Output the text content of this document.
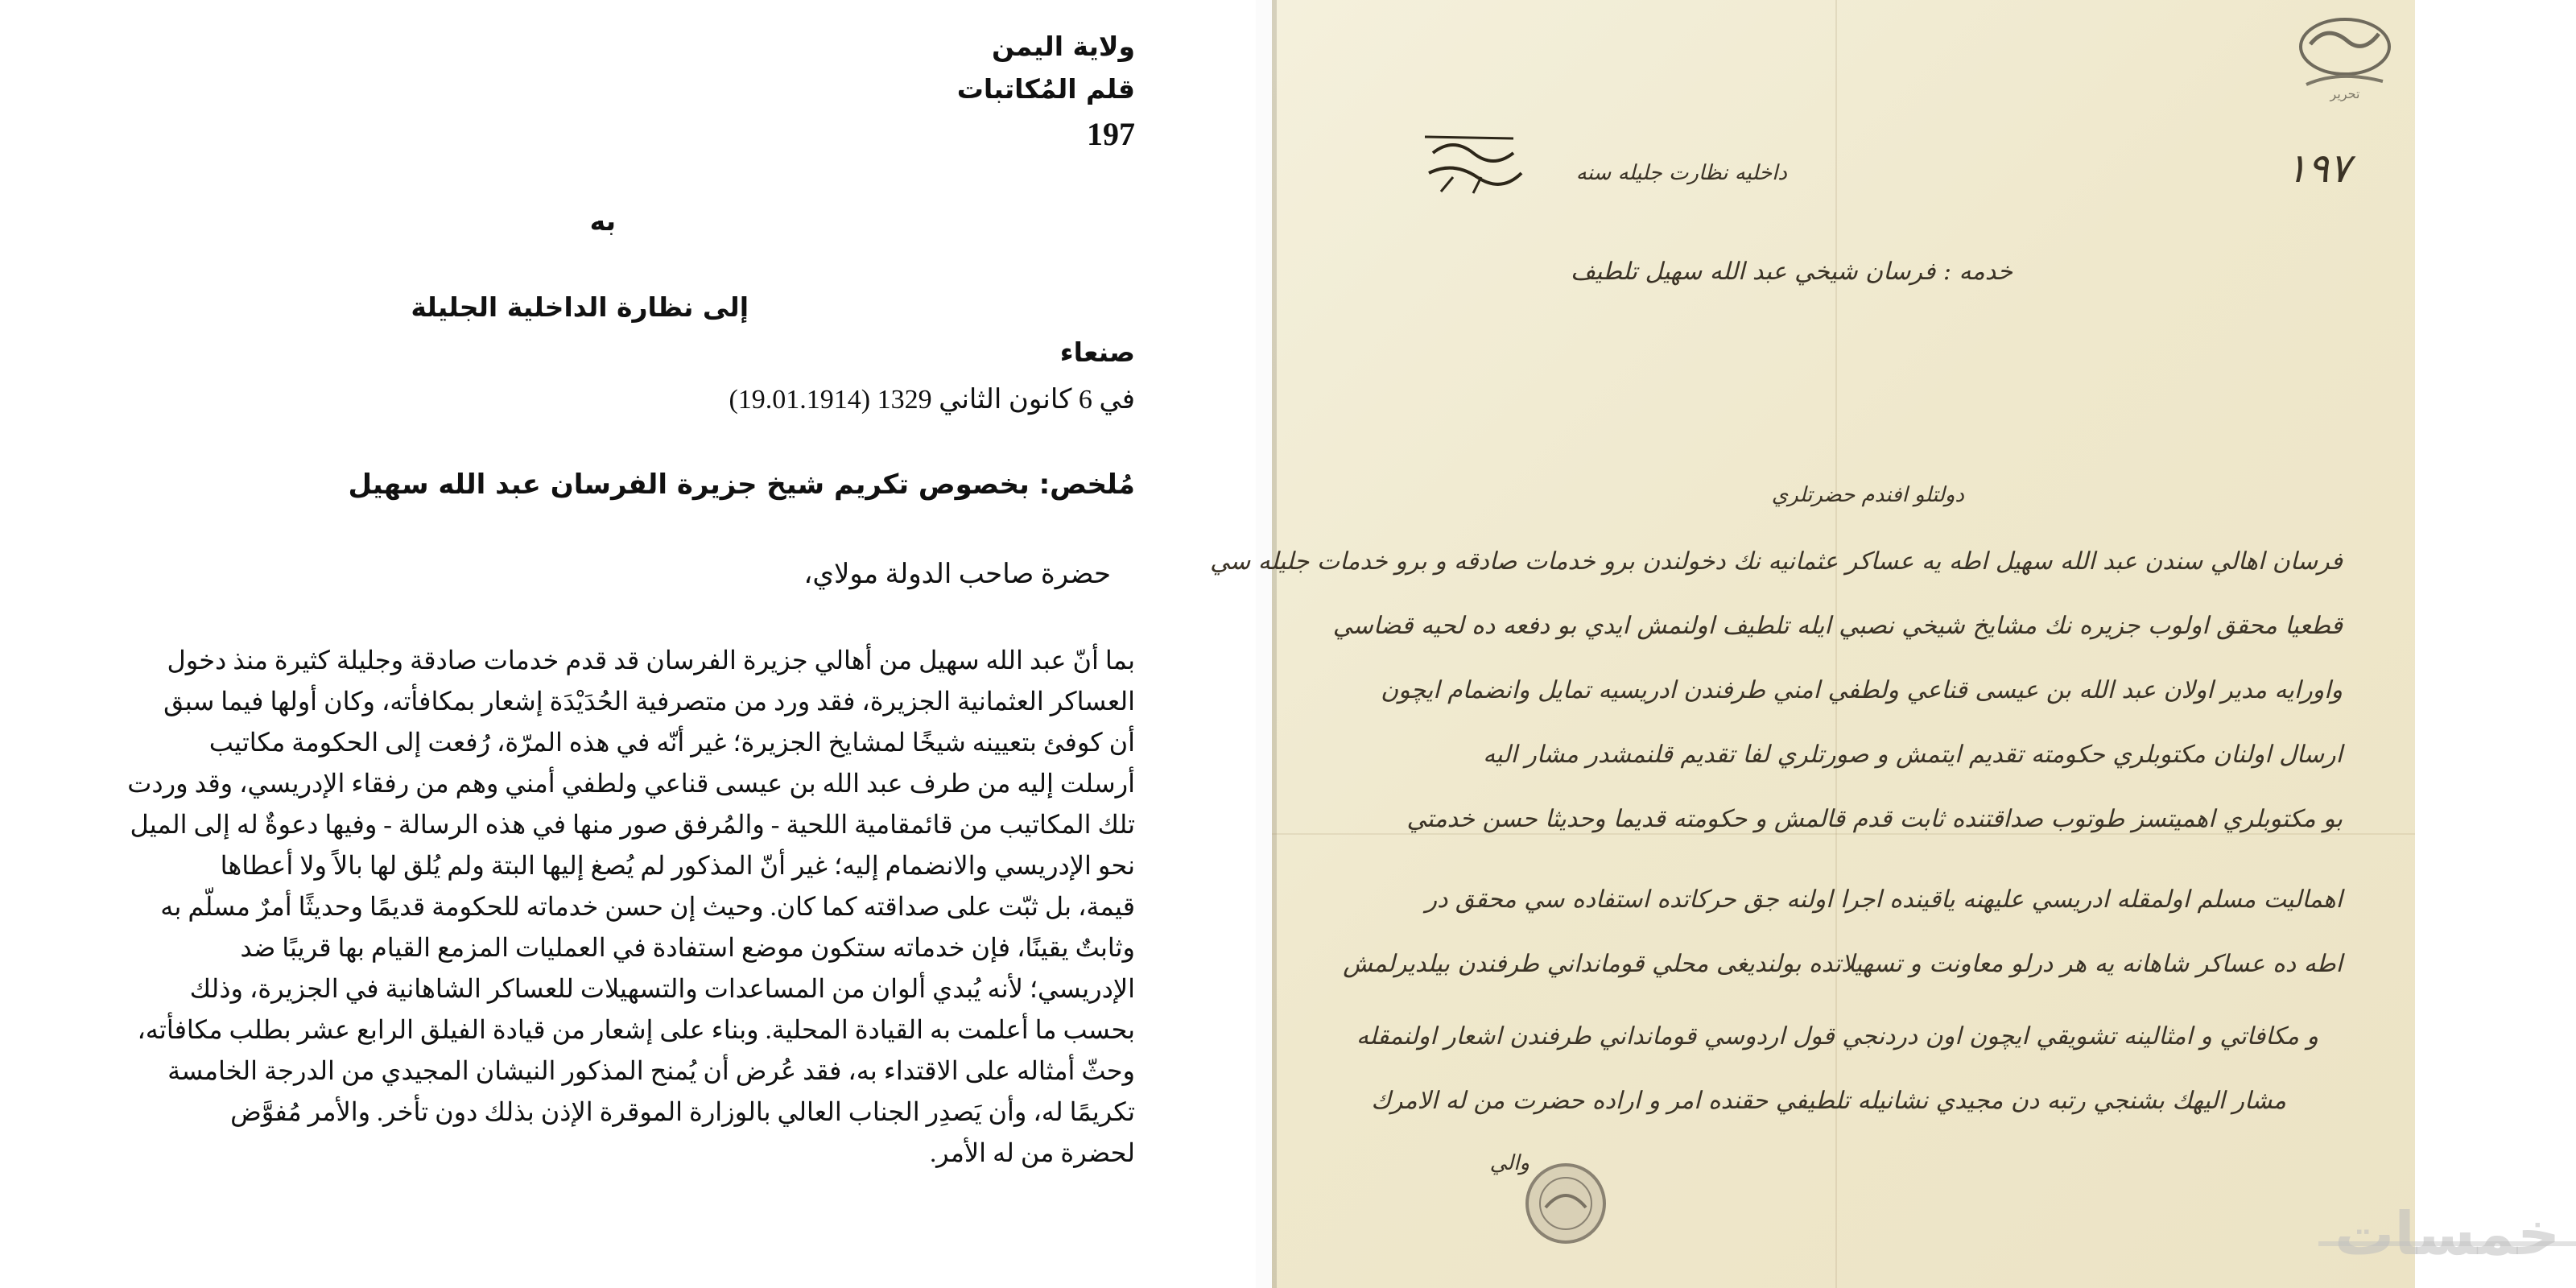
ولاية اليمن
قلم المُكاتبات
197
به
إلى نظارة الداخلية الجليلة
صنعاء
في 6 كانون الثاني 1329 (19.01.1914)
مُلخص: بخصوص تكريم شيخ جزيرة الفرسان عبد الله سهيل
حضرة صاحب الدولة مولاي،
بما أنّ عبد الله سهيل من أهالي جزيرة الفرسان قد قدم خدمات صادقة وجليلة كثيرة منذ دخول
العساكر العثمانية الجزيرة، فقد ورد من متصرفية الحُدَيْدَة إشعار بمكافأته، وكان أولها فيما سبق
أن كوفئ بتعيينه شيخًا لمشايخ الجزيرة؛ غير أنّه في هذه المرّة، رُفعت إلى الحكومة مكاتيب
أرسلت إليه من طرف عبد الله بن عيسى قناعي ولطفي أمني وهم من رفقاء الإدريسي، وقد وردت
تلك المكاتيب من قائمقامية اللحية - والمُرفق صور منها في هذه الرسالة - وفيها دعوةٌ له إلى الميل
نحو الإدريسي والانضمام إليه؛ غير أنّ المذكور لم يُصغ إليها البتة ولم يُلق لها بالاً ولا أعطاها
قيمة، بل ثبّت على صداقته كما كان. وحيث إن حسن خدماته للحكومة قديمًا وحديثًا أمرٌ مسلّم به
وثابتٌ يقينًا، فإن خدماته ستكون موضع استفادة في العمليات المزمع القيام بها قريبًا ضد
الإدريسي؛ لأنه يُبدي ألوان من المساعدات والتسهيلات للعساكر الشاهانية في الجزيرة، وذلك
بحسب ما أعلمت به القيادة المحلية. وبناء على إشعار من قيادة الفيلق الرابع عشر بطلب مكافأته،
وحثّ أمثاله على الاقتداء به، فقد عُرض أن يُمنح المذكور النيشان المجيدي من الدرجة الخامسة
تكريمًا له، وأن يَصدِر الجناب العالي بالوزارة الموقرة الإذن بذلك دون تأخر. والأمر مُفوَّض
لحضرة من له الأمر.
تحرير
١٩٧
داخليه نظارت جليله سنه
خدمه : فرسان شيخي عبد الله سهيل تلطيف
دولتلو افندم حضرتلري
فرسان اهالي سندن عبد الله سهيل اطه يه عساكر عثمانيه نك دخولندن برو خدمات صادقه و برو خدمات جليله سي
قطعيا محقق اولوب جزيره نك مشايخ شيخي نصبي ايله تلطيف اولنمش ايدي بو دفعه ده لحيه قضاسي
واورايه مدير اولان عبد الله بن عيسى قناعي ولطفي امني طرفندن ادريسيه تمايل وانضمام ايچون
ارسال اولنان مكتوبلري حكومته تقديم ايتمش و صورتلري لفا تقديم قلنمشدر مشار اليه
بو مكتوبلري اهميتسز طوتوب صداقتنده ثابت قدم قالمش و حكومته قديما وحديثا حسن خدمتي
اهماليت مسلم اولمقله ادريسي عليهنه ياقينده اجرا اولنه جق حركاتده استفاده سي محقق در
اطه ده عساكر شاهانه يه هر درلو معاونت و تسهيلاتده بولندیغی محلي قومانداني طرفندن بيلديرلمش
و مكافاتي و امثالينه تشويقي ايچون اون دردنجي قول اردوسي قومانداني طرفندن اشعار اولنمقله
مشار اليهك بشنجي رتبه دن مجيدي نشانيله تلطيفي حقنده امر و اراده حضرت من له الامرك
والي
خمسات
